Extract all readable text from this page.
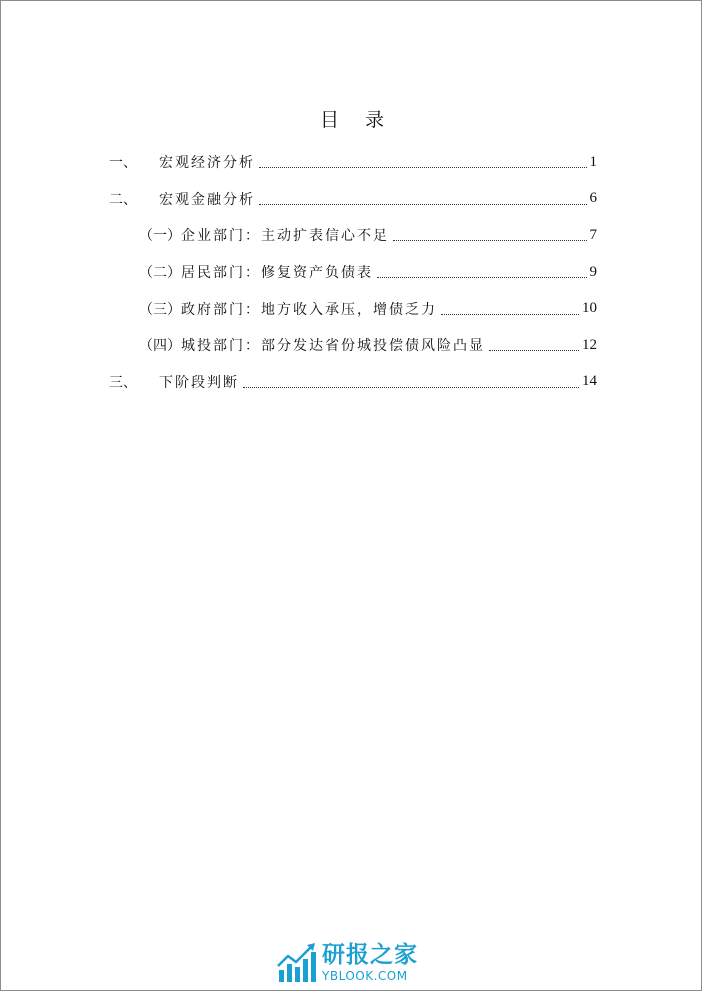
目 录
一、	宏观经济分析	1
二、	宏观金融分析	6
（一） 企业部门：主动扩表信心不足	7
（二） 居民部门：修复资产负债表	9
（三） 政府部门：地方收入承压，增债乏力	10
（四） 城投部门：部分发达省份城投偿债风险凸显	12
三、	下阶段判断	14
研报之家
YBLOOK.COM
